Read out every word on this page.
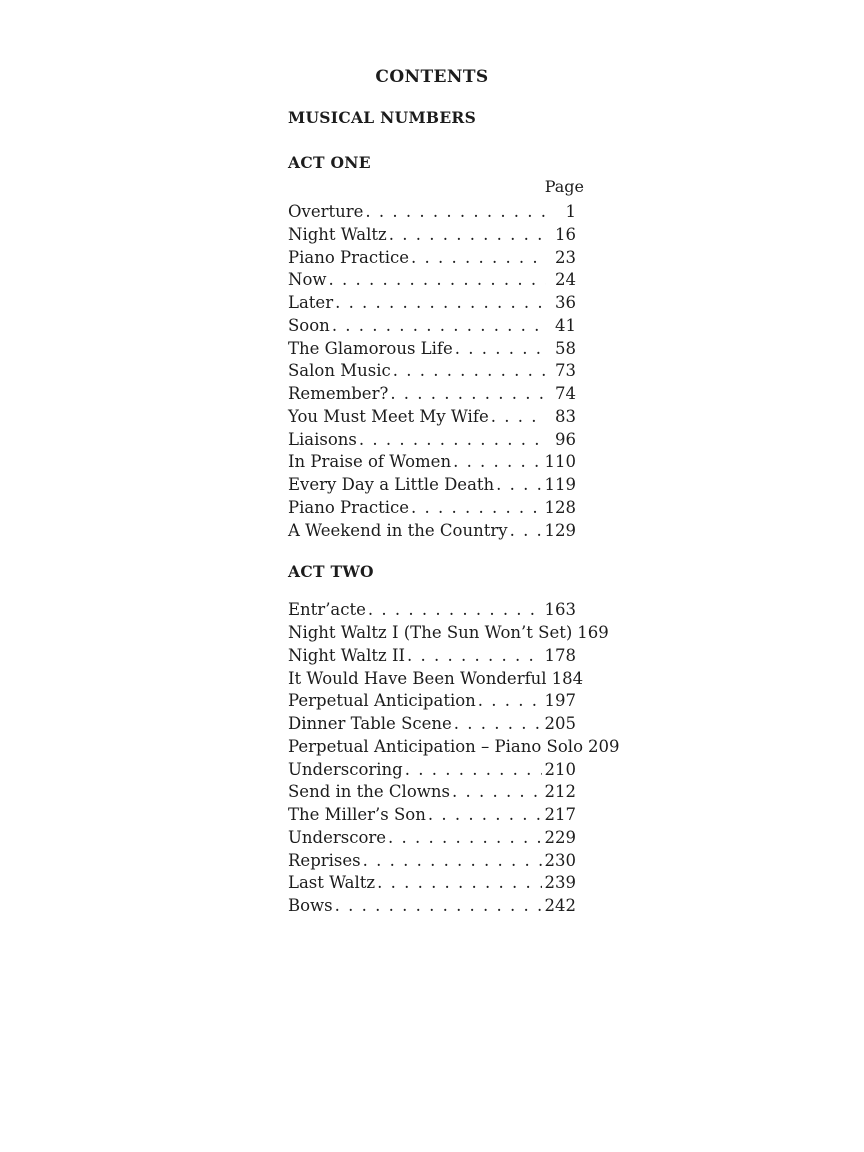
CONTENTS
MUSICAL NUMBERS
ACT ONE
Page
Overture . . .	1
Night Waltz . . .	16
Piano Practice . . .	23
Now . . .	24
Later . . .	36
Soon . . .	41
The Glamorous Life . . .	58
Salon Music . . .	73
Remember? . . .	74
You Must Meet My Wife . . .	83
Liaisons . . .	96
In Praise of Women . . .	110
Every Day a Little Death . . .	119
Piano Practice . . .	128
A Weekend in the Country . . . 129
ACT TWO
Entr’acte . . .	163
Night Waltz I (The Sun Won’t Set) 169
Night Waltz II . . .	178
It Would Have Been Wonderful 184
Perpetual Anticipation . . .	197
Dinner Table Scene . . .	205
Perpetual Anticipation – Piano Solo 209
Underscoring . . .	210
Send in the Clowns . . .	212
The Miller’s Son . . .	217
Underscore . . .	229
Reprises . . .	230
Last Waltz . . .	239
Bows . . .	242
